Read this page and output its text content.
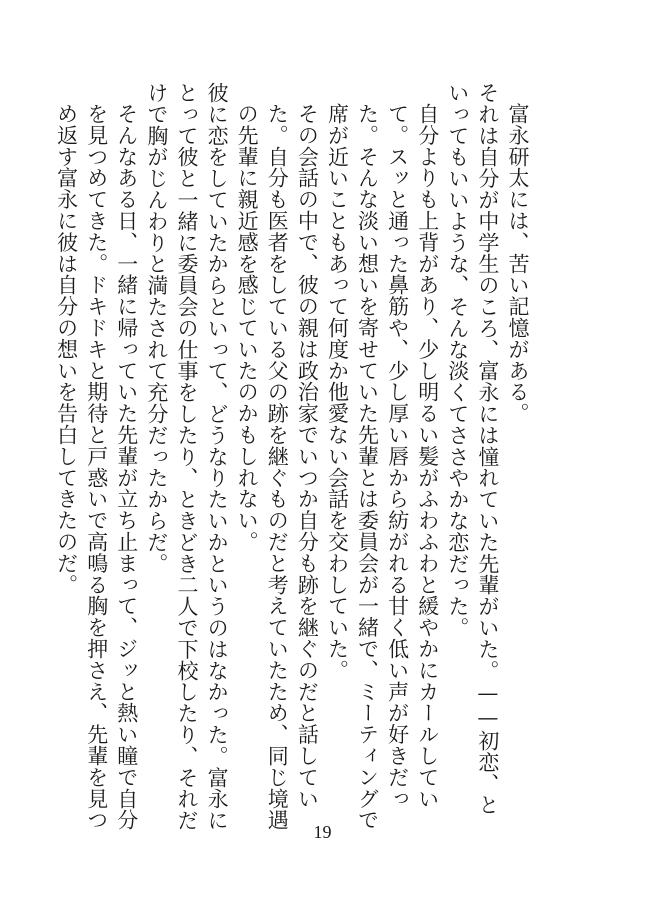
富永研太には、苦い記憶がある。

それは自分が中学生のころ、富永には憧れていた先輩がいた。——初恋、といってもいいような、そんな淡くてささやかな恋だった。

自分よりも上背があり、少し明るい髪がふわふわと緩やかにカールしていて。スッと通った鼻筋や、少し厚い唇から紡がれる甘く低い声が好きだった。そんな淡い想いを寄せていた先輩とは委員会が一緒で、ミーティングで席が近いこともあって何度か他愛ない会話を交わしていた。

その会話の中で、彼の親は政治家でいつか自分も跡を継ぐのだと話していた。自分も医者をしている父の跡を継ぐものだと考えていたため、同じ境遇の先輩に親近感を感じていたのかもしれない。

彼に恋をしていたからといって、どうなりたいかというのはなかった。富永にとって彼と一緒に委員会の仕事をしたり、ときどき二人で下校したり、それだけで胸がじんわりと満たされて充分だったからだ。

そんなある日、一緒に帰っていた先輩が立ち止まって、ジッと熱い瞳で自分を見つめてきた。ドキドキと期待と戸惑いで高鳴る胸を押さえ、先輩を見つめ返す富永に彼は自分の想いを告白してきたのだ。

19
